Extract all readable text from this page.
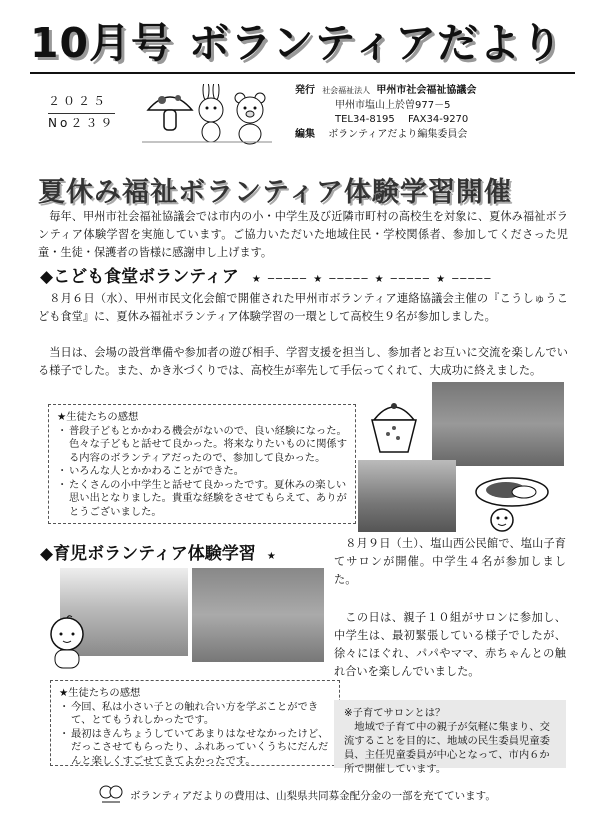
10月号 ボランティアだより
２０２５
No２３９
発行 社会福祉法人 甲州市社会福祉協議会
甲州市塩山上於曽977－5
TEL34-8195 FAX34-9270
編集 ボランティアだより編集委員会
夏休み福祉ボランティア体験学習開催
毎年、甲州市社会福祉協議会では市内の小・中学生及び近隣市町村の高校生を対象に、夏休み福祉ボランティア体験学習を実施しています。ご協力いただいた地域住民・学校関係者、参加してくださった児童・生徒・保護者の皆様に感謝申し上げます。
◆こども食堂ボランティア ★ ───── ★ ───── ★ ───── ★ ─────
８月６日（水）、甲州市民文化会館で開催された甲州市ボランティア連絡協議会主催の『こうしゅうこども食堂』に、夏休み福祉ボランティア体験学習の一環として高校生９名が参加しました。
当日は、会場の設営準備や参加者の遊び相手、学習支援を担当し、参加者とお互いに交流を楽しんでいる様子でした。また、かき氷づくりでは、高校生が率先して手伝ってくれて、大成功に終えました。
★生徒たちの感想
・ 普段子どもとかかわる機会がないので、良い経験になった。色々な子どもと話せて良かった。将来なりたいものに関係する内容のボランティアだったので、参加して良かった。
・ いろんな人とかかわることができた。
・ たくさんの小中学生と話せて良かったです。夏休みの楽しい思い出となりました。貴重な経験をさせてもらえて、ありがとうございました。
◆育児ボランティア体験学習 ★
８月９日（土）、塩山西公民館で、塩山子育てサロンが開催。中学生４名が参加しました。
この日は、親子１０組がサロンに参加し、中学生は、最初緊張している様子でしたが、徐々にほぐれ、パパやママ、赤ちゃんとの触れ合いを楽しんでいました。
★生徒たちの感想
・ 今回、私は小さい子との触れ合い方を学ぶことができて、とてもうれしかったです。
・ 最初はきんちょうしていてあまりはなせなかったけど、だっこさせてもらったり、ふれあっていくうちにだんだんと楽しくすごせてきてよかったです。
※子育てサロンとは？
地域で子育て中の親子が気軽に集まり、交流することを目的に、地域の民生委員児童委員、主任児童委員が中心となって、市内６か所で開催しています。
ボランティアだよりの費用は、山梨県共同募金配分金の一部を充てています。
